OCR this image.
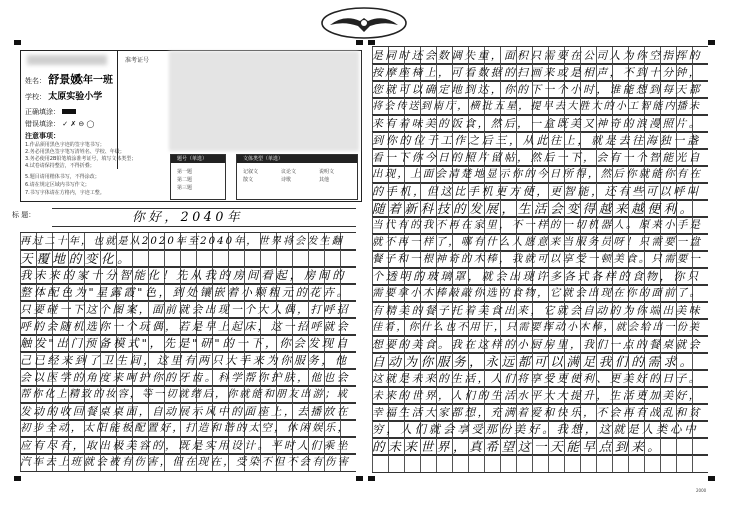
姓名： 舒景媛
学校： 太原实验小学
正确填涂：
错误填涂： ✓ ✗ ⊖ ◯
注意事项：
1.作品须用黑色字迹的签字笔书写；
2.务必用黑色签字笔写清姓名、学校、年级；
3.务必使用2B铅笔填涂准考证号，填写文体类型；
4.试卷请保持整洁，不得折叠；
5.题目请用楷体书写，不得涂改；
6.请在规定区域内书写作文；
7.书写字体请在方格内，字迹工整。
六年一班
准考证号
题号（单选）
第一题
第二题
第三题
文体类型（单选）
记叙文	议论文	说明文
散文	诗歌	其他
标 题：	你好，2040年
再过二十年，也就是从2020年至2040年，世界将会发生翻
天覆地的变化。
我未来的家十分智能化！先从我的房间看起，房间的
整体配色为"星露霞"色，到处镶嵌着小颗粗元的花卉。
只要碰一下这个图案，面前就会出现一个大人偶，打呼招
呼的会随机选你一个玩偶，若是早上起床，这一招呼就会
触发"出门预备模式"，先是"研"的一下，你会发现自
己已经来到了卫生间，这里有两只大手来为你服务，他
会以医学的角度来呵护你的牙齿。科学帮你护肤，他也会
帮你化上精致的妆容，等一切就绪后，你就能和朋友出游；或
发动的收回餐桌桌面，自动展示风中的面座上，去播放在
初步全动，太阳能板配置好，打造和谐的太空，休闲娱乐，
应有尽有，取出极美容的，既是实用设计。平时人们乘坐
汽车去上班就会被有伤害，但在现在，受染不但不会有伤害
是同时还会数调失重，面积只需要在公司人为你空指挥的
按摩座椅上，可看数据的扫画来或是相声，不到十分钟，
您就可以确定地到达，你的下一个小时，谁能想到每天都
将会传送到南厅，横批五星，提早去大胜大的小工智能内播未
来有着味美的饭食，然后，一盒既美又神奇的浪漫照片。
到你的位于工作之后三，从此往上，就是去往海独一盏
看一下你今日的照片留帖，然后一下，会有一个智能光自
出现，上面会清楚地显示你的今日所得，然后你就能你有在
的手机，但这比手机更方便，更智能，还有些可以呼叫
随着新科技的发展，生活会变得越来越便利。
当代有的我不再在家里，不一样的一切机器人。原来小手是
就不再一样了，哪有什么人愿意来当服务员呀！只需要一盘
餐子和一根神奇的木棒，我就可以享受一顿美食。只需要一
个透明的玻璃罩，就会出现许多各式各样的食物，你只
需要拿小木棒敲敲你选的食物，它就会出现在你的面前了。
有精美的餐子托着美食出来，它就会自动的为你端出美味
佳肴，你什么也不用干，只需要挥动小木棒，就会给出一份美
想要的美食。我在这样的小厨房里，我们一点的餐桌就会
自动为你服务，永远都可以满足我们的需求。
这就是未来的生活，人们将享受更便利、更美好的日子。
未来的世界，人们的生活水平大大提升，生活更加美好，
幸福生活大家都想，充满着爱和快乐，不会再有战乱和贫
穷，人们就会享受那份美好。我想，这就是人类心中
的未来世界，真希望这一天能早点到来。
2000
